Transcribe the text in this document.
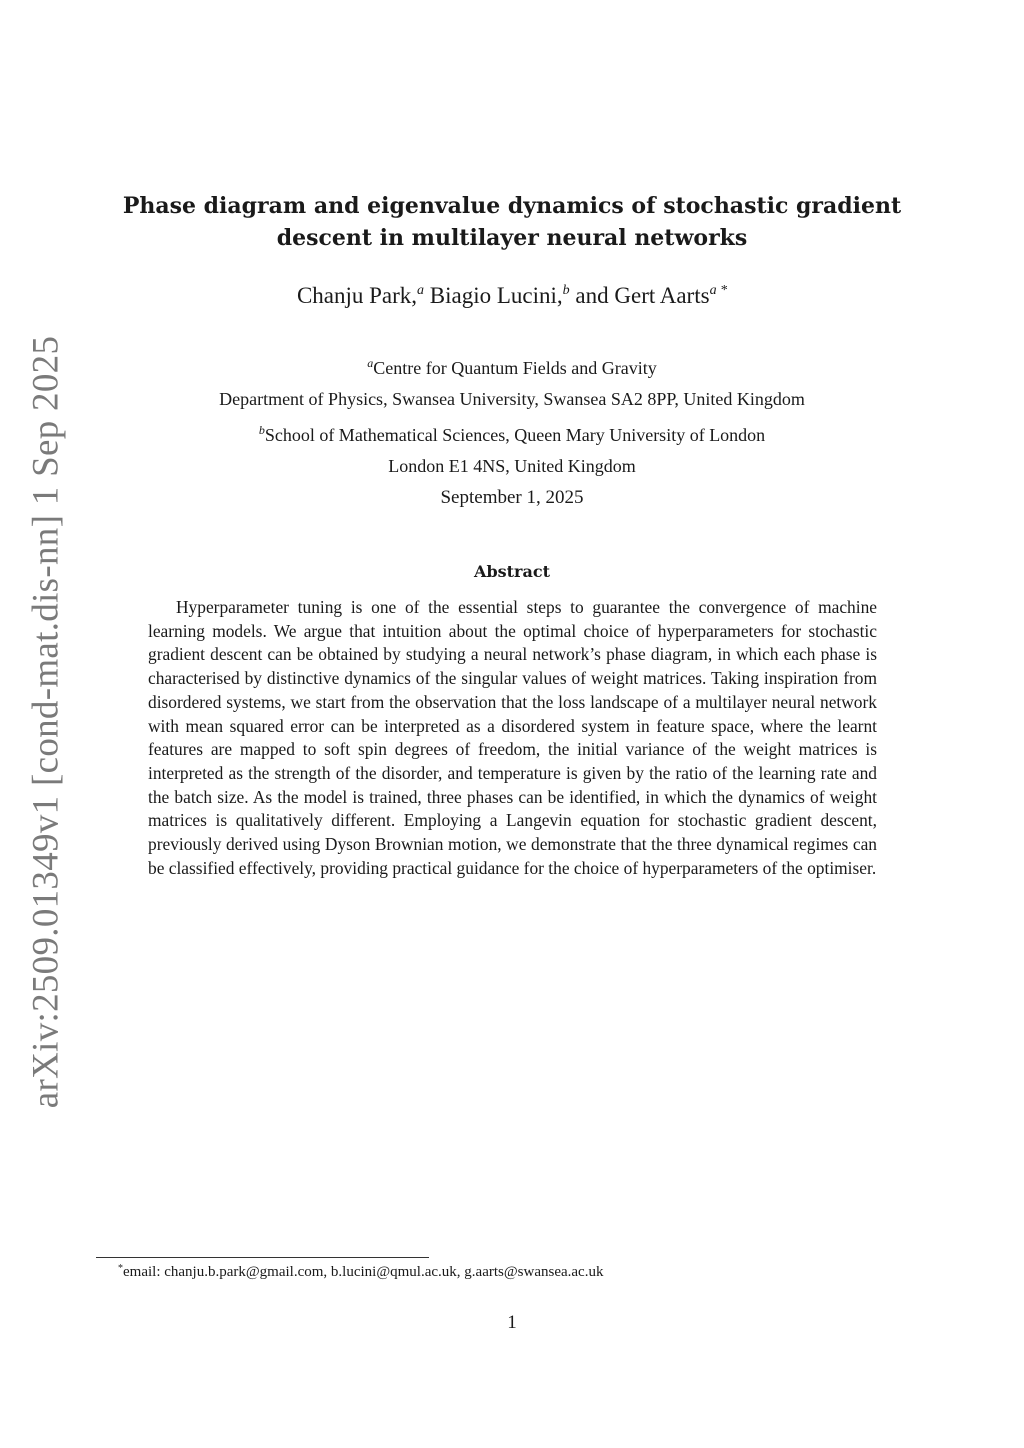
arXiv:2509.01349v1 [cond-mat.dis-nn] 1 Sep 2025
Phase diagram and eigenvalue dynamics of stochastic gradient descent in multilayer neural networks
Chanju Park,$^a$ Biagio Lucini,$^b$ and Gert Aarts$^{a *}$
$^a$Centre for Quantum Fields and Gravity
Department of Physics, Swansea University, Swansea SA2 8PP, United Kingdom
$^b$School of Mathematical Sciences, Queen Mary University of London
London E1 4NS, United Kingdom
September 1, 2025
Abstract

Hyperparameter tuning is one of the essential steps to guarantee the convergence of machine learning models. We argue that intuition about the optimal choice of hyperparameters for stochastic gradient descent can be obtained by studying a neural network’s phase diagram, in which each phase is characterised by distinctive dynamics of the singular values of weight matrices. Taking inspiration from disordered systems, we start from the observation that the loss landscape of a multilayer neural network with mean squared error can be interpreted as a disordered system in feature space, where the learnt features are mapped to soft spin degrees of freedom, the initial variance of the weight matrices is interpreted as the strength of the disorder, and temperature is given by the ratio of the learning rate and the batch size. As the model is trained, three phases can be identified, in which the dynamics of weight matrices is qualitatively different. Employing a Langevin equation for stochastic gradient descent, previously derived using Dyson Brownian motion, we demonstrate that the three dynamical regimes can be classified effectively, providing practical guidance for the choice of hyperparameters of the optimiser.

*email: chanju.b.park@gmail.com, b.lucini@qmul.ac.uk, g.aarts@swansea.ac.uk
1
